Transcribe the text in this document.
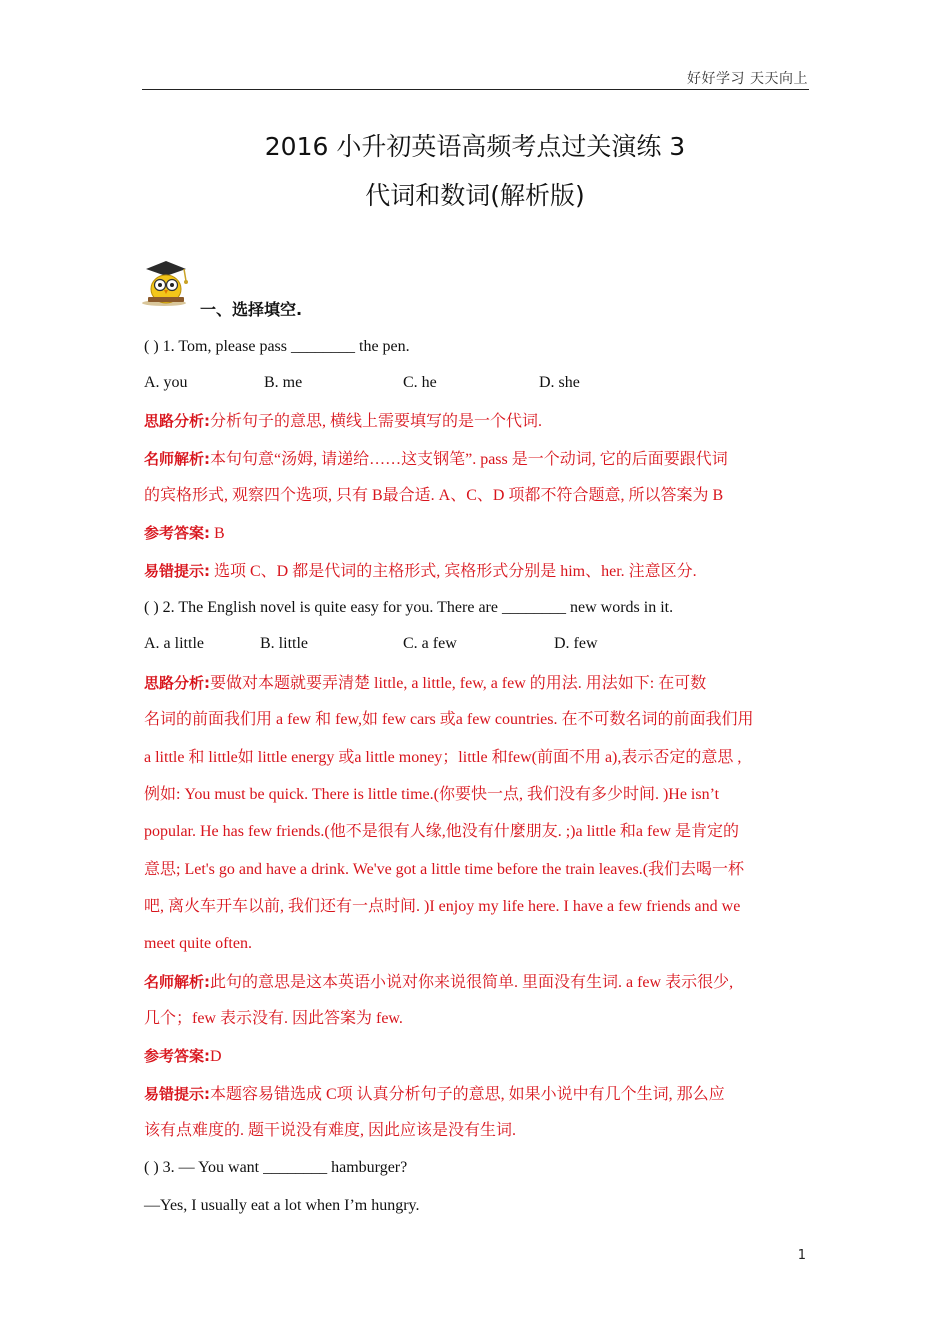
好好学习 天天向上
2016 小升初英语高频考点过关演练 3
代词和数词(解析版)
一、选择填空.
( ) 1. Tom, please pass ________ the pen.
A. you	B. me	C. he	D. she
思路分析:分析句子的意思, 横线上需要填写的是一个代词.
名师解析:本句句意“汤姆, 请递给……这支钢笔”. pass 是一个动词, 它的后面要跟代词
的宾格形式, 观察四个选项, 只有 B最合适. A、C、D 项都不符合题意, 所以答案为 B
参考答案: B
易错提示: 选项 C、D 都是代词的主格形式, 宾格形式分别是 him、her. 注意区分.
( ) 2. The English novel is quite easy for you. There are ________ new words in it.
A. a little	B. little	C. a few	D. few
思路分析:要做对本题就要弄清楚 little, a little, few, a few 的用法. 用法如下: 在可数
名词的前面我们用 a few 和 few,如 few cars 或a few countries. 在不可数名词的前面我们用
a little 和 little如 little energy 或a little money；little 和few(前面不用 a),表示否定的意思 ,
例如: You must be quick. There is little time.(你要快一点, 我们没有多少时间. )He isn’t
popular. He has few friends.(他不是很有人缘,他没有什麼朋友. ;)a little 和a few 是肯定的
意思; Let's go and have a drink. We've got a little time before the train leaves.(我们去喝一杯
吧, 离火车开车以前, 我们还有一点时间. )I enjoy my life here. I have a few friends and we
meet quite often.
名师解析:此句的意思是这本英语小说对你来说很简单. 里面没有生词. a few 表示很少,
几个；few 表示没有. 因此答案为 few.
参考答案:D
易错提示:本题容易错选成 C项 认真分析句子的意思, 如果小说中有几个生词, 那么应
该有点难度的. 题干说没有难度, 因此应该是没有生词.
( ) 3. — You want ________ hamburger?
—Yes, I usually eat a lot when I’m hungry.
1
